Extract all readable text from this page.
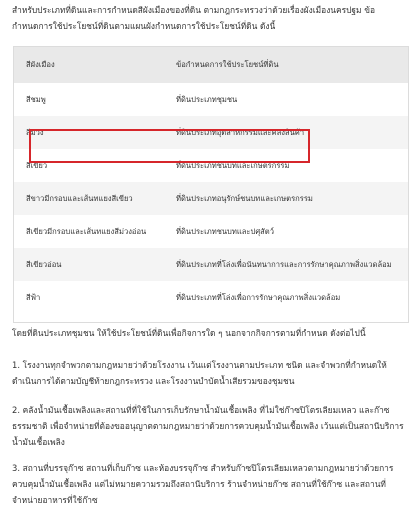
สำหรับประเภทที่ดินและการกำหนดสีผังเมืองของที่ดิน ตามกฎกระทรวงว่าด้วยเรื่องผังเมืองนครปฐม ข้อกำหนดการใช้ประโยชน์ที่ดินตามแผนผังกำหนดการใช้ประโยชน์ที่ดิน ดังนี้
สีผังเมือง	ข้อกำหนดการใช้ประโยชน์ที่ดิน
สีชมพู	ที่ดินประเภทชุมชน
สีม่วง	ที่ดินประเภทอุตสาหกรรมและคลังสินค้า
สีเขียว	ที่ดินประเภทชนบทและเกษตรกรรม
สีขาวมีกรอบและเส้นทแยงสีเขียว	ที่ดินประเภทอนุรักษ์ชนบทและเกษตรกรรม
สีเขียวมีกรอบและเส้นทแยงสีม่วงอ่อน	ที่ดินประเภทชนบทและปศุสัตว์
สีเขียวอ่อน	ที่ดินประเภทที่โล่งเพื่อนันทนาการและการรักษาคุณภาพสิ่งแวดล้อม
สีฟ้า	ที่ดินประเภทที่โล่งเพื่อการรักษาคุณภาพสิ่งแวดล้อม
โดยที่ดินประเภทชุมชน ให้ใช้ประโยชน์ที่ดินเพื่อกิจการใด ๆ นอกจากกิจการตามที่กำหนด ดังต่อไปนี้
1. โรงงานทุกจำพวกตามกฎหมายว่าด้วยโรงงาน เว้นแต่โรงงานตามประเภท ชนิด และจำพวกที่กำหนดให้ดำเนินการได้ตามบัญชีท้ายกฎกระทรวง และโรงงานบำบัดน้ำเสียรวมของชุมชน
2. คลังน้ำมันเชื้อเพลิงและสถานที่ที่ใช้ในการเก็บรักษาน้ำมันเชื้อเพลิง ที่ไม่ใช่ก๊าซปิโตรเลียมเหลว และก๊าซธรรมชาติ เพื่อจำหน่ายที่ต้องขออนุญาตตามกฎหมายว่าด้วยการควบคุมน้ำมันเชื้อเพลิง เว้นแต่เป็นสถานีบริการน้ำมันเชื้อเพลิง
3. สถานที่บรรจุก๊าซ สถานที่เก็บก๊าซ และห้องบรรจุก๊าซ สำหรับก๊าซปิโตรเลียมเหลวตามกฎหมายว่าด้วยการควบคุมน้ำมันเชื้อเพลิง แต่ไม่หมายความรวมถึงสถานีบริการ ร้านจำหน่ายก๊าซ สถานที่ใช้ก๊าซ และสถานที่จำหน่ายอาหารที่ใช้ก๊าซ
